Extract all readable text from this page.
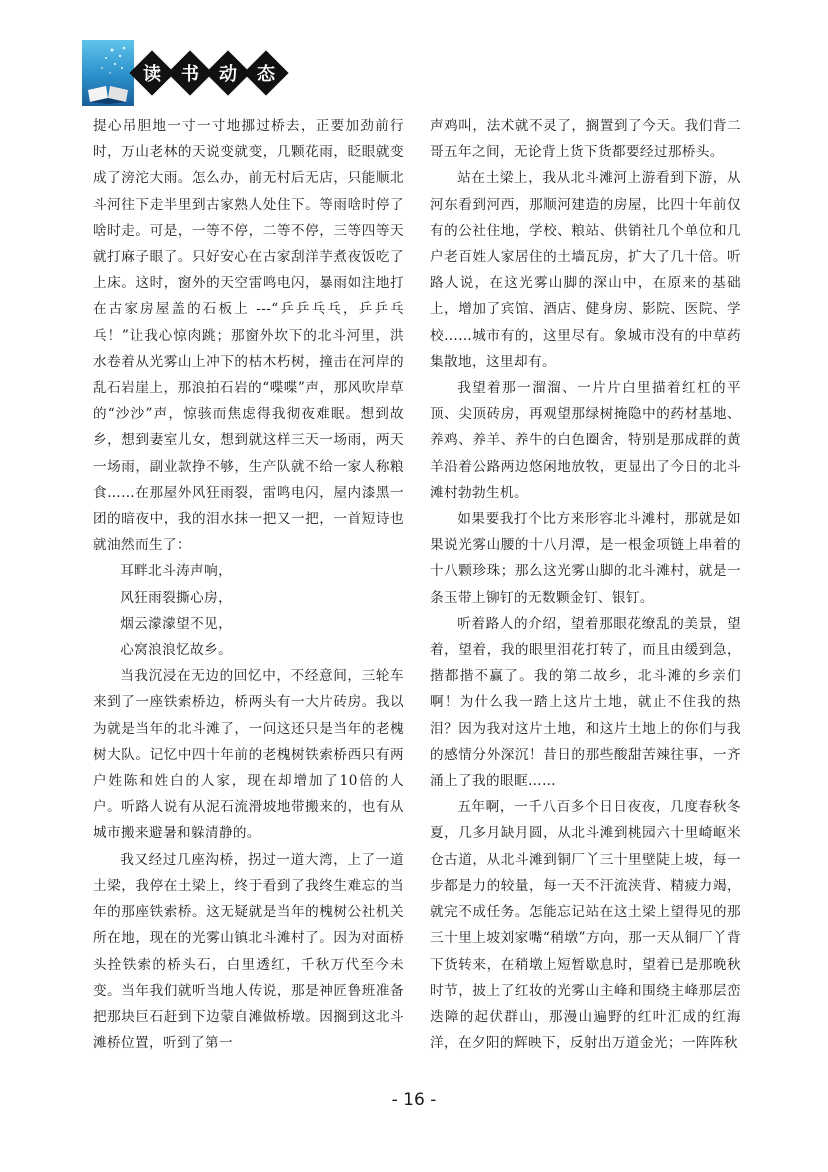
读 书 动 态

提心吊胆地一寸一寸地挪过桥去，正要加劲前行时，万山老林的天说变就变，几颗花雨，眨眼就变成了滂沱大雨。怎么办，前无村后无店，只能顺北斗河往下走半里到古家熟人处住下。等雨啥时停了啥时走。可是，一等不停，二等不停，三等四等天就打麻子眼了。只好安心在古家刮洋芋煮夜饭吃了上床。这时，窗外的天空雷鸣电闪，暴雨如注地打在古家房屋盖的石板上 ---“乒乒乓乓，乒乒乓乓！”让我心惊肉跳；那窗外坎下的北斗河里，洪水卷着从光雾山上冲下的枯木朽树，撞击在河岸的乱石岩崖上，那浪拍石岩的“喋喋”声，那风吹岸草的“沙沙”声，惊骇而焦虑得我彻夜难眠。想到故乡，想到妻室儿女，想到就这样三天一场雨，两天一场雨，副业款挣不够，生产队就不给一家人称粮食……在那屋外风狂雨裂，雷鸣电闪，屋内漆黑一团的暗夜中，我的泪水抹一把又一把，一首短诗也就油然而生了：

耳畔北斗涛声响，

风狂雨裂撕心房，

烟云濛濛望不见，

心窝浪浪忆故乡。

当我沉浸在无边的回忆中，不经意间，三轮车来到了一座铁索桥边，桥两头有一大片砖房。我以为就是当年的北斗滩了，一问这还只是当年的老槐树大队。记忆中四十年前的老槐树铁索桥西只有两户姓陈和姓白的人家，现在却增加了10倍的人户。听路人说有从泥石流滑坡地带搬来的，也有从城市搬来避暑和躲清静的。

我又经过几座沟桥，拐过一道大湾，上了一道土梁，我停在土梁上，终于看到了我终生难忘的当年的那座铁索桥。这无疑就是当年的槐树公社机关所在地，现在的光雾山镇北斗滩村了。因为对面桥头拴铁索的桥头石，白里透红，千秋万代至今未变。当年我们就听当地人传说，那是神匠鲁班准备把那块巨石赶到下边蒙自滩做桥墩。因搁到这北斗滩桥位置，听到了第一

声鸡叫，法术就不灵了，搁置到了今天。我们背二哥五年之间，无论背上货下货都要经过那桥头。

站在土梁上，我从北斗滩河上游看到下游，从河东看到河西，那顺河建造的房屋，比四十年前仅有的公社住地，学校、粮站、供销社几个单位和几户老百姓人家居住的土墙瓦房，扩大了几十倍。听路人说，在这光雾山脚的深山中，在原来的基础上，增加了宾馆、酒店、健身房、影院、医院、学校……城市有的，这里尽有。象城市没有的中草药集散地，这里却有。

我望着那一溜溜、一片片白里描着红杠的平顶、尖顶砖房，再观望那绿树掩隐中的药材基地、养鸡、养羊、养牛的白色圈舍，特别是那成群的黄羊沿着公路两边悠闲地放牧，更显出了今日的北斗滩村勃勃生机。

如果要我打个比方来形容北斗滩村，那就是如果说光雾山腰的十八月潭，是一根金项链上串着的十八颗珍珠；那么这光雾山脚的北斗滩村，就是一条玉带上铆钉的无数颗金钉、银钉。

听着路人的介绍，望着那眼花缭乱的美景，望着，望着，我的眼里泪花打转了，而且由缓到急，揩都揩不赢了。我的第二故乡，北斗滩的乡亲们啊！为什么我一踏上这片土地，就止不住我的热泪？因为我对这片土地，和这片土地上的你们与我的感情分外深沉！昔日的那些酸甜苦辣往事，一齐涌上了我的眼眶……

五年啊，一千八百多个日日夜夜，几度春秋冬夏，几多月缺月圆，从北斗滩到桃园六十里崎岖米仓古道，从北斗滩到铜厂丫三十里壁陡上坡，每一步都是力的较量，每一天不汗流浃背、精疲力竭，就完不成任务。怎能忘记站在这土梁上望得见的那三十里上坡刘家嘴“稍墩”方向，那一天从铜厂丫背下货转来，在稍墩上短暂歇息时，望着已是那晚秋时节，披上了红妆的光雾山主峰和围绕主峰那层峦迭障的起伏群山，那漫山遍野的红叶汇成的红海洋，在夕阳的辉映下，反射出万道金光；一阵阵秋

- 16 -
